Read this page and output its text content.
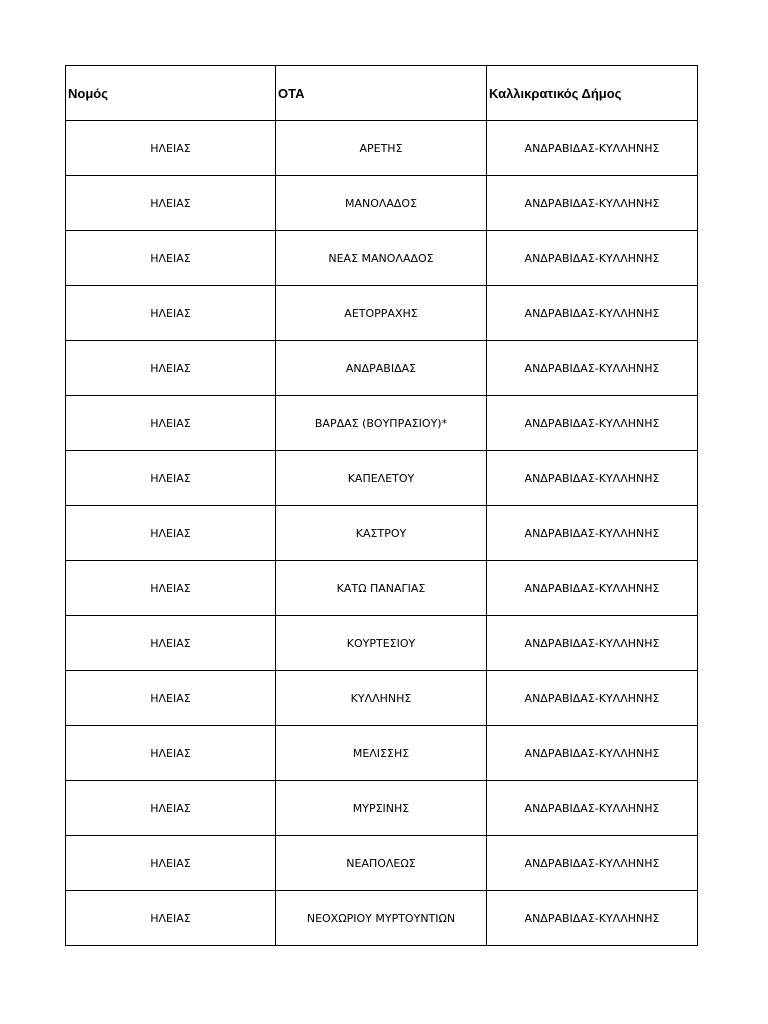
Νομός	ΟΤΑ	Καλλικρατικός Δήμος
ΗΛΕΙΑΣ	ΑΡΕΤΗΣ	ΑΝΔΡΑΒΙΔΑΣ-ΚΥΛΛΗΝΗΣ
ΗΛΕΙΑΣ	ΜΑΝΟΛΑΔΟΣ	ΑΝΔΡΑΒΙΔΑΣ-ΚΥΛΛΗΝΗΣ
ΗΛΕΙΑΣ	ΝΕΑΣ ΜΑΝΟΛΑΔΟΣ	ΑΝΔΡΑΒΙΔΑΣ-ΚΥΛΛΗΝΗΣ
ΗΛΕΙΑΣ	ΑΕΤΟΡΡΑΧΗΣ	ΑΝΔΡΑΒΙΔΑΣ-ΚΥΛΛΗΝΗΣ
ΗΛΕΙΑΣ	ΑΝΔΡΑΒΙΔΑΣ	ΑΝΔΡΑΒΙΔΑΣ-ΚΥΛΛΗΝΗΣ
ΗΛΕΙΑΣ	ΒΑΡΔΑΣ (ΒΟΥΠΡΑΣΙΟΥ)*	ΑΝΔΡΑΒΙΔΑΣ-ΚΥΛΛΗΝΗΣ
ΗΛΕΙΑΣ	ΚΑΠΕΛΕΤΟΥ	ΑΝΔΡΑΒΙΔΑΣ-ΚΥΛΛΗΝΗΣ
ΗΛΕΙΑΣ	ΚΑΣΤΡΟΥ	ΑΝΔΡΑΒΙΔΑΣ-ΚΥΛΛΗΝΗΣ
ΗΛΕΙΑΣ	ΚΑΤΩ ΠΑΝΑΓΙΑΣ	ΑΝΔΡΑΒΙΔΑΣ-ΚΥΛΛΗΝΗΣ
ΗΛΕΙΑΣ	ΚΟΥΡΤΕΣΙΟΥ	ΑΝΔΡΑΒΙΔΑΣ-ΚΥΛΛΗΝΗΣ
ΗΛΕΙΑΣ	ΚΥΛΛΗΝΗΣ	ΑΝΔΡΑΒΙΔΑΣ-ΚΥΛΛΗΝΗΣ
ΗΛΕΙΑΣ	ΜΕΛΙΣΣΗΣ	ΑΝΔΡΑΒΙΔΑΣ-ΚΥΛΛΗΝΗΣ
ΗΛΕΙΑΣ	ΜΥΡΣΙΝΗΣ	ΑΝΔΡΑΒΙΔΑΣ-ΚΥΛΛΗΝΗΣ
ΗΛΕΙΑΣ	ΝΕΑΠΟΛΕΩΣ	ΑΝΔΡΑΒΙΔΑΣ-ΚΥΛΛΗΝΗΣ
ΗΛΕΙΑΣ	ΝΕΟΧΩΡΙΟΥ ΜΥΡΤΟΥΝΤΙΩΝ	ΑΝΔΡΑΒΙΔΑΣ-ΚΥΛΛΗΝΗΣ
